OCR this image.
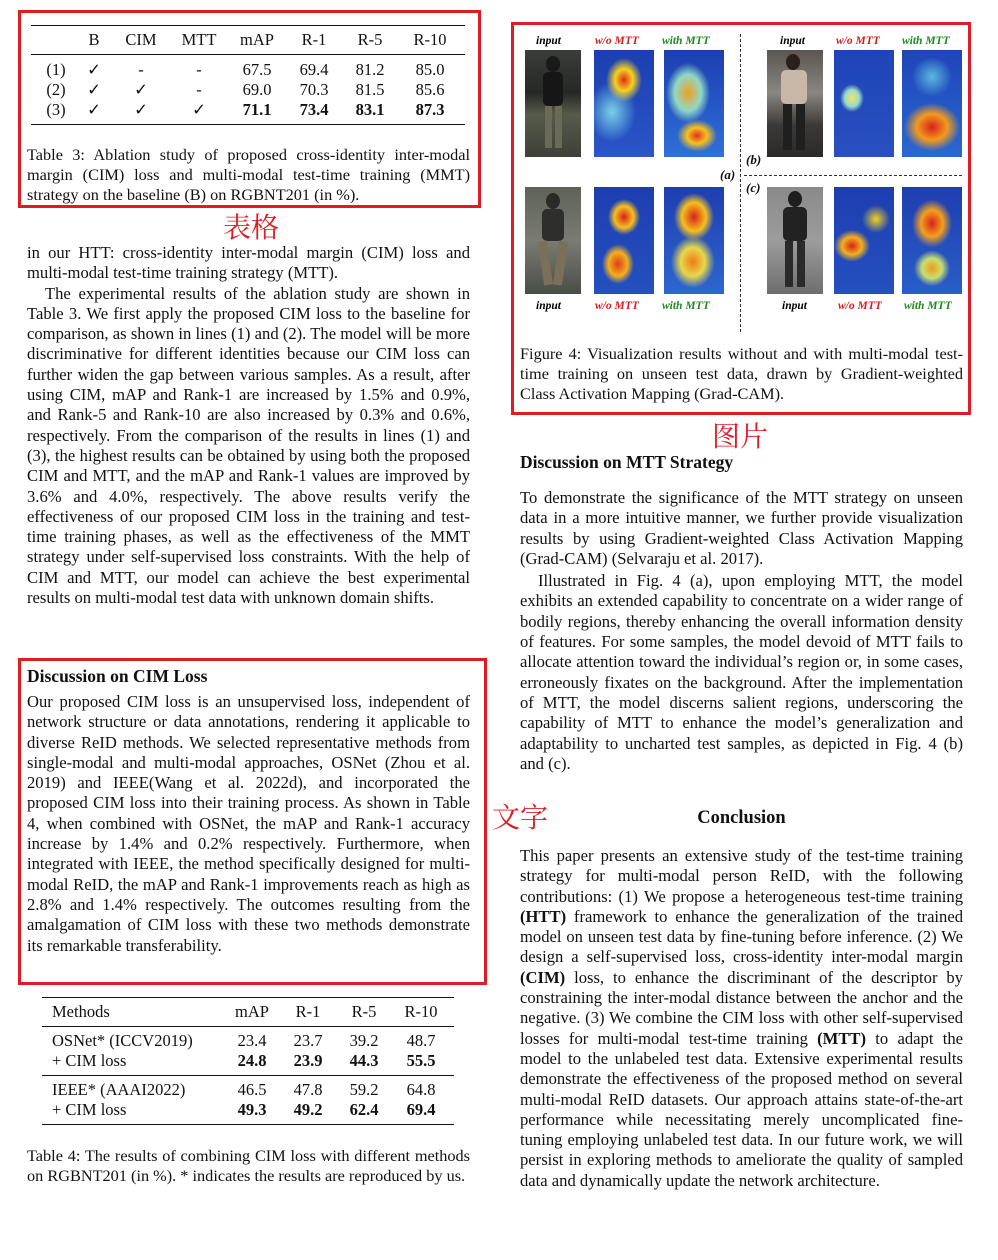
	B	CIM	MTT	mAP	R-1	R-5	R-10

(1)	✓	-	-	67.5	69.4	81.2	85.0
(2)	✓	✓	-	69.0	70.3	81.5	85.6
(3)	✓	✓	✓	71.1	73.4	83.1	87.3
Table 3: Ablation study of proposed cross-identity inter-modal margin (CIM) loss and multi-modal test-time training (MMT) strategy on the baseline (B) on RGBNT201 (in %).
表格

in our HTT: cross-identity inter-modal margin (CIM) loss and multi-modal test-time training strategy (MTT).

The experimental results of the ablation study are shown in Table 3. We first apply the proposed CIM loss to the baseline for comparison, as shown in lines (1) and (2). The model will be more discriminative for different identities because our CIM loss can further widen the gap between various samples. As a result, after using CIM, mAP and Rank-1 are increased by 1.5% and 0.9%, and Rank-5 and Rank-10 are also increased by 0.3% and 0.6%, respectively. From the comparison of the results in lines (1) and (3), the highest results can be obtained by using both the proposed CIM and MTT, and the mAP and Rank-1 values are improved by 3.6% and 4.0%, respectively. The above results verify the effectiveness of our proposed CIM loss in the training and test-time training phases, as well as the effectiveness of the MMT strategy under self-supervised loss constraints. With the help of CIM and MTT, our model can achieve the best experimental results on multi-modal test data with unknown domain shifts.

Discussion on CIM Loss

Our proposed CIM loss is an unsupervised loss, independent of network structure or data annotations, rendering it applicable to diverse ReID methods. We selected representative methods from single-modal and multi-modal approaches, OSNet (Zhou et al. 2019) and IEEE(Wang et al. 2022d), and incorporated the proposed CIM loss into their training process. As shown in Table 4, when combined with OSNet, the mAP and Rank-1 accuracy increase by 1.4% and 0.2% respectively. Furthermore, when integrated with IEEE, the method specifically designed for multi-modal ReID, the mAP and Rank-1 improvements reach as high as 2.8% and 1.4% respectively. The outcomes resulting from the amalgamation of CIM loss with these two methods demonstrate its remarkable transferability.

文字
Methods	mAP	R-1	R-5	R-10

OSNet* (ICCV2019)	23.4	23.7	39.2	48.7
+ CIM loss	24.8	23.9	44.3	55.5

IEEE* (AAAI2022)	46.5	47.8	59.2	64.8
+ CIM loss	49.3	49.2	62.4	69.4
Table 4: The results of combining CIM loss with different methods on RGBNT201 (in %). * indicates the results are reproduced by us.
input	w/o MTT with MTT	input	w/o MTT with MTT
(a)
(b)
(c)
input	w/o MTT with MTT	input	w/o MTT with MTT
Figure 4: Visualization results without and with multi-modal test-time training on unseen test data, drawn by Gradient-weighted Class Activation Mapping (Grad-CAM).
图片
Discussion on MTT Strategy

To demonstrate the significance of the MTT strategy on unseen data in a more intuitive manner, we further provide visualization results by using Gradient-weighted Class Activation Mapping (Grad-CAM) (Selvaraju et al. 2017).

Illustrated in Fig. 4 (a), upon employing MTT, the model exhibits an extended capability to concentrate on a wider range of bodily regions, thereby enhancing the overall information density of features. For some samples, the model devoid of MTT fails to allocate attention toward the individual’s region or, in some cases, erroneously fixates on the background. After the implementation of MTT, the model discerns salient regions, underscoring the capability of MTT to enhance the model’s generalization and adaptability to uncharted test samples, as depicted in Fig. 4 (b) and (c).

Conclusion

This paper presents an extensive study of the test-time training strategy for multi-modal person ReID, with the following contributions: (1) We propose a heterogeneous test-time training (HTT) framework to enhance the generalization of the trained model on unseen test data by fine-tuning before inference. (2) We design a self-supervised loss, cross-identity inter-modal margin (CIM) loss, to enhance the discriminant of the descriptor by constraining the inter-modal distance between the anchor and the negative. (3) We combine the CIM loss with other self-supervised losses for multi-modal test-time training (MTT) to adapt the model to the unlabeled test data. Extensive experimental results demonstrate the effectiveness of the proposed method on several multi-modal ReID datasets. Our approach attains state-of-the-art performance while necessitating merely uncomplicated fine-tuning employing unlabeled test data. In our future work, we will persist in exploring methods to ameliorate the quality of sampled data and dynamically update the network architecture.
